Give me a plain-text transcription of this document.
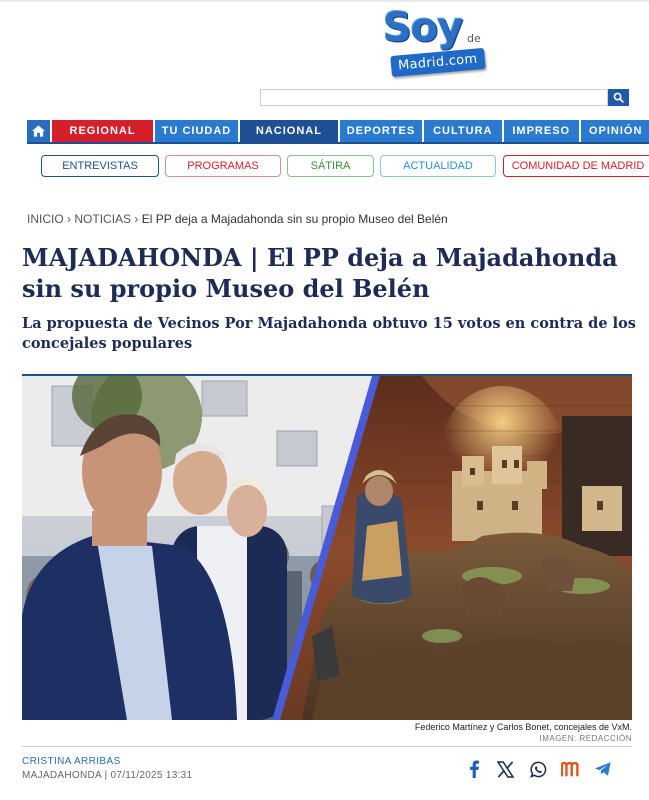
Soy de
Madrid.com
REGIONAL	TU CIUDAD	NACIONAL	DEPORTES	CULTURA	IMPRESO	OPINIÓN
ENTREVISTAS	PROGRAMAS	SÁTIRA	ACTUALIDAD	COMUNIDAD DE MADRID
INICIO › NOTICIAS › El PP deja a Majadahonda sin su propio Museo del Belén
MAJADAHONDA | El PP deja a Majadahonda sin su propio Museo del Belén
La propuesta de Vecinos Por Majadahonda obtuvo 15 votos en contra de los concejales populares
Federico Martínez y Carlos Bonet, concejales de VxM.
IMAGEN: REDACCIÓN
CRISTINA ARRIBAS
MAJADAHONDA | 07/11/2025 13:31
